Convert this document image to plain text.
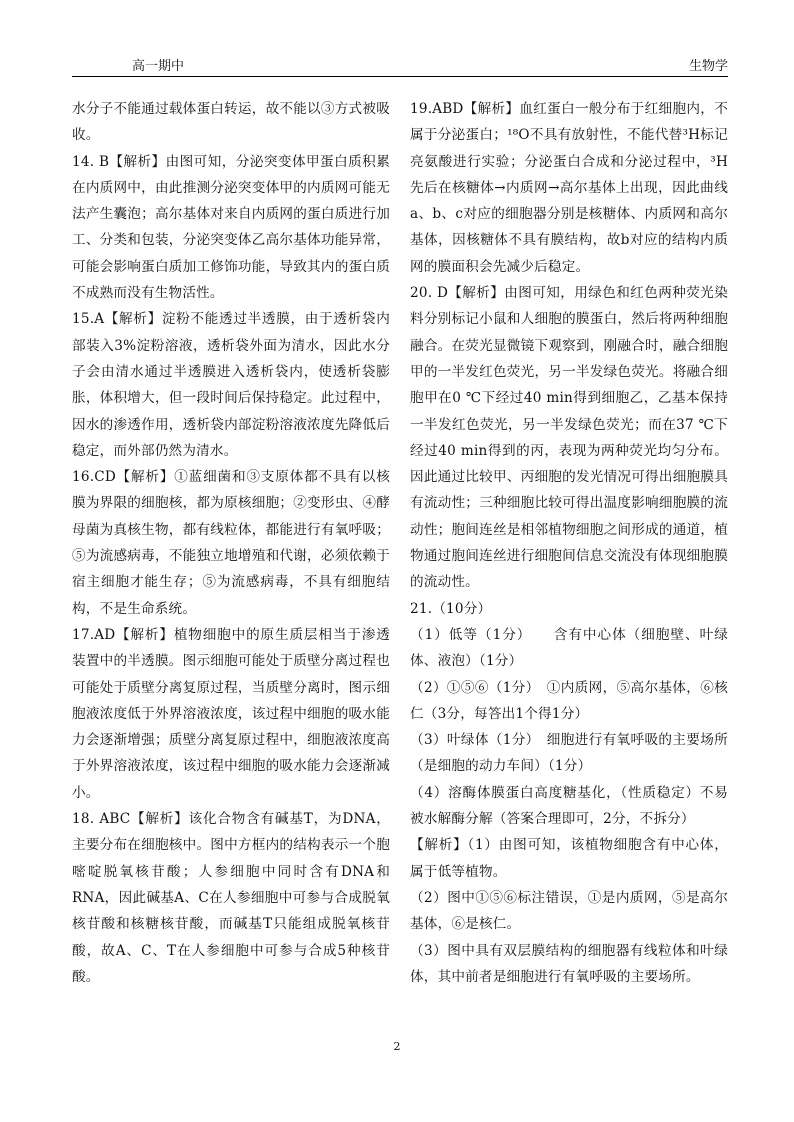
高一期中	生物学

水分子不能通过载体蛋白转运，故不能以③方式被吸收。

14. B【解析】由图可知，分泌突变体甲蛋白质积累在内质网中，由此推测分泌突变体甲的内质网可能无法产生囊泡；高尔基体对来自内质网的蛋白质进行加工、分类和包装，分泌突变体乙高尔基体功能异常，可能会影响蛋白质加工修饰功能，导致其内的蛋白质不成熟而没有生物活性。

15.A【解析】淀粉不能透过半透膜，由于透析袋内部装入3%淀粉溶液，透析袋外面为清水，因此水分子会由清水通过半透膜进入透析袋内，使透析袋膨胀，体积增大，但一段时间后保持稳定。此过程中，因水的渗透作用，透析袋内部淀粉溶液浓度先降低后稳定，而外部仍然为清水。

16.CD【解析】①蓝细菌和③支原体都不具有以核膜为界限的细胞核，都为原核细胞；②变形虫、④酵母菌为真核生物，都有线粒体，都能进行有氧呼吸；⑤为流感病毒，不能独立地增殖和代谢，必须依赖于宿主细胞才能生存；⑤为流感病毒，不具有细胞结构，不是生命系统。

17.AD【解析】植物细胞中的原生质层相当于渗透装置中的半透膜。图示细胞可能处于质壁分离过程也可能处于质壁分离复原过程，当质壁分离时，图示细胞液浓度低于外界溶液浓度，该过程中细胞的吸水能力会逐渐增强；质壁分离复原过程中，细胞液浓度高于外界溶液浓度，该过程中细胞的吸水能力会逐渐减小。

18. ABC【解析】该化合物含有碱基T，为DNA，主要分布在细胞核中。图中方框内的结构表示一个胞嘧啶脱氧核苷酸；人参细胞中同时含有DNA和RNA，因此碱基A、C在人参细胞中可参与合成脱氧核苷酸和核糖核苷酸，而碱基T只能组成脱氧核苷酸，故A、C、T在人参细胞中可参与合成5种核苷酸。

19.ABD【解析】血红蛋白一般分布于红细胞内，不属于分泌蛋白；¹⁸O不具有放射性，不能代替³H标记亮氨酸进行实验；分泌蛋白合成和分泌过程中，³H先后在核糖体→内质网→高尔基体上出现，因此曲线a、b、c对应的细胞器分别是核糖体、内质网和高尔基体，因核糖体不具有膜结构，故b对应的结构内质网的膜面积会先减少后稳定。

20. D【解析】由图可知，用绿色和红色两种荧光染料分别标记小鼠和人细胞的膜蛋白，然后将两种细胞融合。在荧光显微镜下观察到，刚融合时，融合细胞甲的一半发红色荧光，另一半发绿色荧光。将融合细胞甲在0 ℃下经过40 min得到细胞乙，乙基本保持一半发红色荧光，另一半发绿色荧光；而在37 ℃下经过40 min得到的丙，表现为两种荧光均匀分布。因此通过比较甲、丙细胞的发光情况可得出细胞膜具有流动性；三种细胞比较可得出温度影响细胞膜的流动性；胞间连丝是相邻植物细胞之间形成的通道，植物通过胞间连丝进行细胞间信息交流没有体现细胞膜的流动性。

21.（10分）

（1）低等（1分）　　含有中心体（细胞壁、叶绿体、液泡）（1分）

（2）①⑤⑥（1分）　①内质网，⑤高尔基体，⑥核仁（3分，每答出1个得1分）

（3）叶绿体（1分）　细胞进行有氧呼吸的主要场所（是细胞的动力车间）（1分）

（4）溶酶体膜蛋白高度糖基化，（性质稳定）不易被水解酶分解（答案合理即可，2分，不拆分）

【解析】（1）由图可知，该植物细胞含有中心体，属于低等植物。

（2）图中①⑤⑥标注错误，①是内质网，⑤是高尔基体，⑥是核仁。

（3）图中具有双层膜结构的细胞器有线粒体和叶绿体，其中前者是细胞进行有氧呼吸的主要场所。

2
